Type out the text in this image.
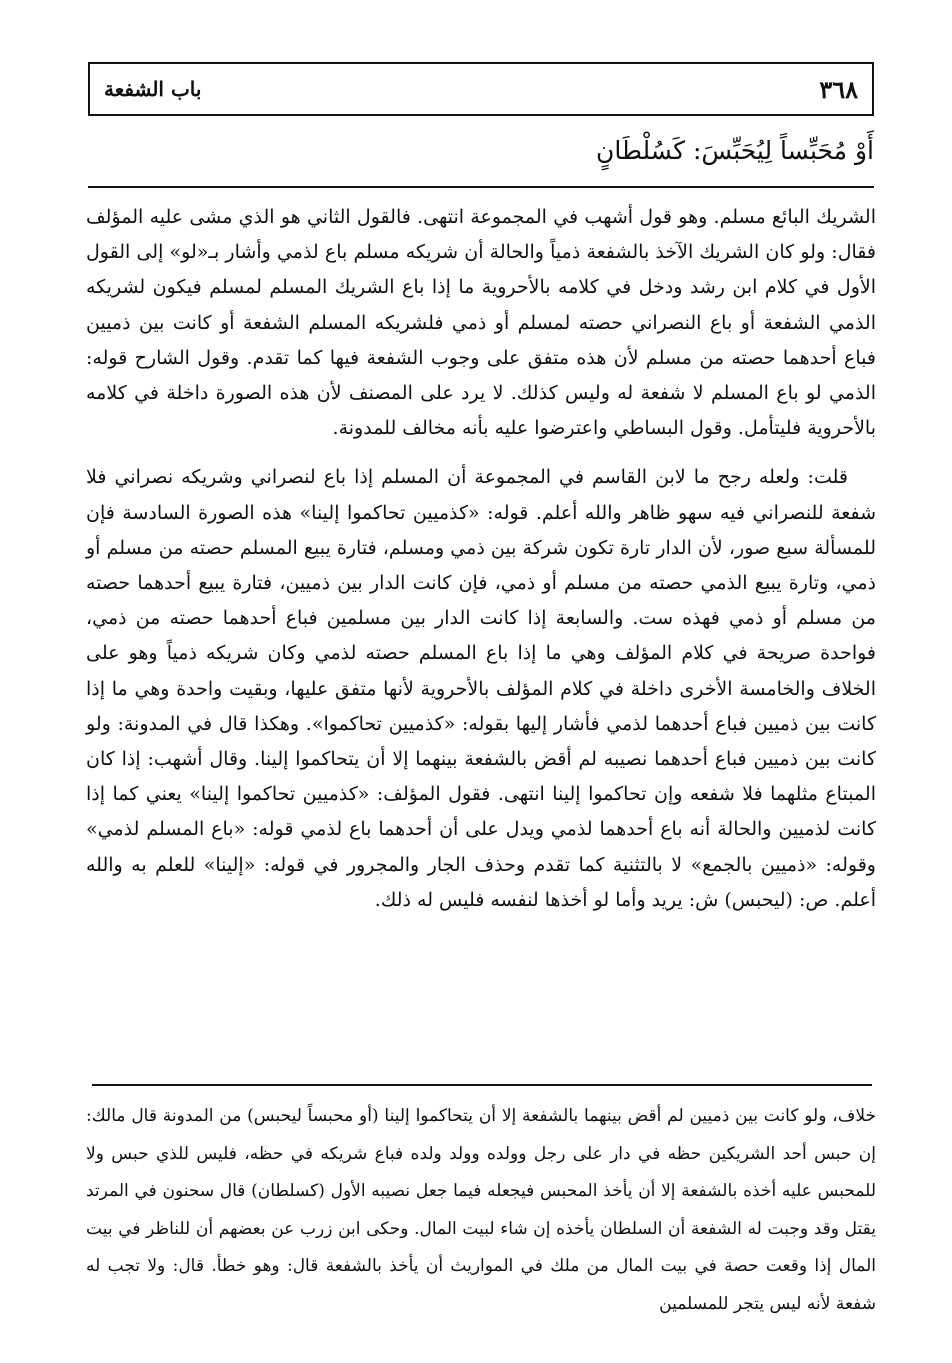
٣٦٨
باب الشفعة
أَوْ مُحَبِّساً لِيُحَبِّسَ: كَسُلْطَانٍ

الشريك البائع مسلم. وهو قول أشهب في المجموعة انتهى. فالقول الثاني هو الذي مشى عليه المؤلف فقال: ولو كان الشريك الآخذ بالشفعة ذمياً والحالة أن شريكه مسلم باع لذمي وأشار بـ«لو» إلى القول الأول في كلام ابن رشد ودخل في كلامه بالأحروية ما إذا باع الشريك المسلم لمسلم فيكون لشريكه الذمي الشفعة أو باع النصراني حصته لمسلم أو ذمي فلشريكه المسلم الشفعة أو كانت بين ذميين فباع أحدهما حصته من مسلم لأن هذه متفق على وجوب الشفعة فيها كما تقدم. وقول الشارح قوله: الذمي لو باع المسلم لا شفعة له وليس كذلك. لا يرد على المصنف لأن هذه الصورة داخلة في كلامه بالأحروية فليتأمل. وقول البساطي واعترضوا عليه بأنه مخالف للمدونة.

قلت: ولعله رجح ما لابن القاسم في المجموعة أن المسلم إذا باع لنصراني وشريكه نصراني فلا شفعة للنصراني فيه سهو ظاهر والله أعلم. قوله: «كذميين تحاكموا إلينا» هذه الصورة السادسة فإن للمسألة سبع صور، لأن الدار تارة تكون شركة بين ذمي ومسلم، فتارة يبيع المسلم حصته من مسلم أو ذمي، وتارة يبيع الذمي حصته من مسلم أو ذمي، فإن كانت الدار بين ذميين، فتارة يبيع أحدهما حصته من مسلم أو ذمي فهذه ست. والسابعة إذا كانت الدار بين مسلمين فباع أحدهما حصته من ذمي، فواحدة صريحة في كلام المؤلف وهي ما إذا باع المسلم حصته لذمي وكان شريكه ذمياً وهو على الخلاف والخامسة الأخرى داخلة في كلام المؤلف بالأحروية لأنها متفق عليها، وبقيت واحدة وهي ما إذا كانت بين ذميين فباع أحدهما لذمي فأشار إليها بقوله: «كذميين تحاكموا». وهكذا قال في المدونة: ولو كانت بين ذميين فباع أحدهما نصيبه لم أقض بالشفعة بينهما إلا أن يتحاكموا إلينا. وقال أشهب: إذا كان المبتاع مثلهما فلا شفعه وإن تحاكموا إلينا انتهى. فقول المؤلف: «كذميين تحاكموا إلينا» يعني كما إذا كانت لذميين والحالة أنه باع أحدهما لذمي ويدل على أن أحدهما باع لذمي قوله: «باع المسلم لذمي» وقوله: «ذميين بالجمع» لا بالتثنية كما تقدم وحذف الجار والمجرور في قوله: «إلينا» للعلم به والله أعلم. ص: (ليحبس) ش: يريد وأما لو أخذها لنفسه فليس له ذلك.

خلاف، ولو كانت بين ذميين لم أقض بينهما بالشفعة إلا أن يتحاكموا إلينا (أو محبساً ليحبس) من المدونة قال مالك: إن حبس أحد الشريكين حظه في دار على رجل وولده وولد ولده فباع شريكه في حظه، فليس للذي حبس ولا للمحبس عليه أخذه بالشفعة إلا أن يأخذ المحبس فيجعله فيما جعل نصيبه الأول (كسلطان) قال سحنون في المرتد يقتل وقد وجبت له الشفعة أن السلطان يأخذه إن شاء لبيت المال. وحكى ابن زرب عن بعضهم أن للناظر في بيت المال إذا وقعت حصة في بيت المال من ملك في المواريث أن يأخذ بالشفعة قال: وهو خطأ. قال: ولا تجب له شفعة لأنه ليس يتجر للمسلمين
